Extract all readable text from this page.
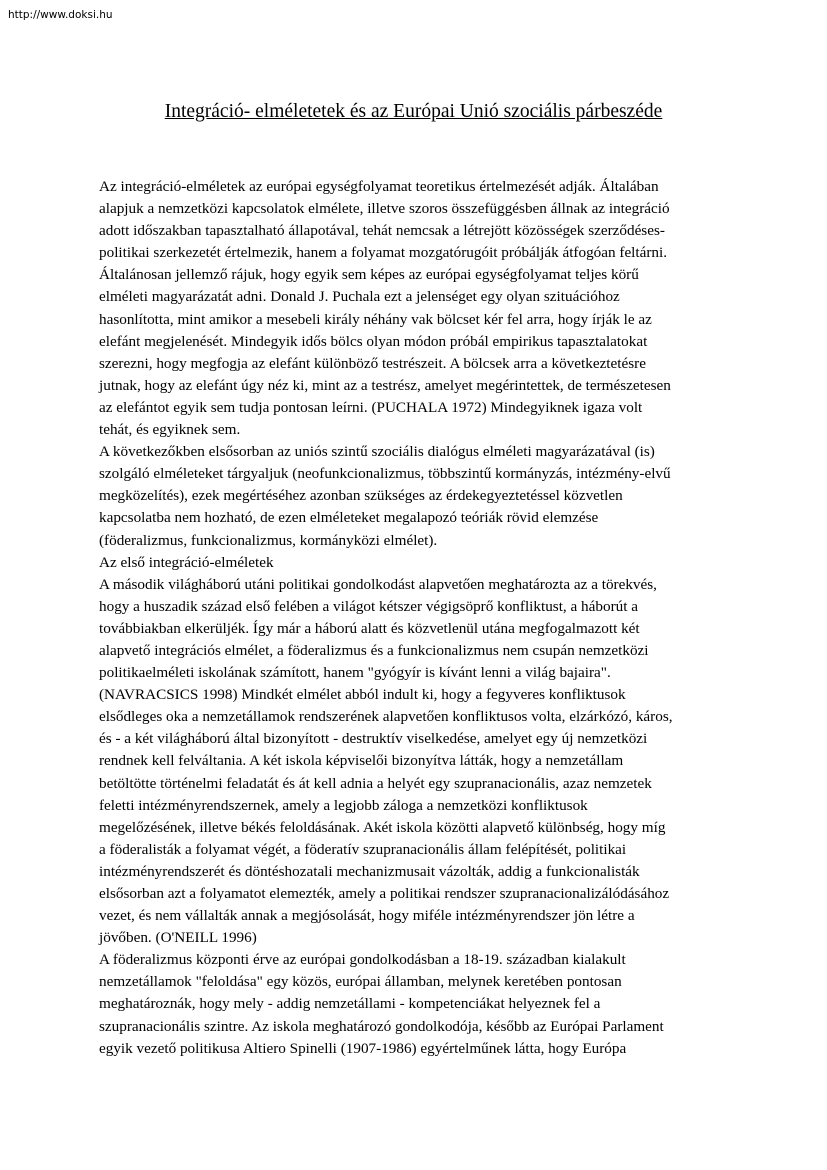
http://www.doksi.hu
Integráció- elméletetek és az Európai Unió szociális párbeszéde
Az integráció-elméletek az európai egységfolyamat teoretikus értelmezését adják. Általában
alapjuk a nemzetközi kapcsolatok elmélete, illetve szoros összefüggésben állnak az integráció
adott időszakban tapasztalható állapotával, tehát nemcsak a létrejött közösségek szerződéses-
politikai szerkezetét értelmezik, hanem a folyamat mozgatórugóit próbálják átfogóan feltárni.
Általánosan jellemző rájuk, hogy egyik sem képes az európai egységfolyamat teljes körű
elméleti magyarázatát adni. Donald J. Puchala ezt a jelenséget egy olyan szituációhoz
hasonlította, mint amikor a mesebeli király néhány vak bölcset kér fel arra, hogy írják le az
elefánt megjelenését. Mindegyik idős bölcs olyan módon próbál empirikus tapasztalatokat
szerezni, hogy megfogja az elefánt különböző testrészeit. A bölcsek arra a következtetésre
jutnak, hogy az elefánt úgy néz ki, mint az a testrész, amelyet megérintettek, de természetesen
az elefántot egyik sem tudja pontosan leírni. (PUCHALA 1972) Mindegyiknek igaza volt
tehát, és egyiknek sem.
A következőkben elsősorban az uniós szintű szociális dialógus elméleti magyarázatával (is)
szolgáló elméleteket tárgyaljuk (neofunkcionalizmus, többszintű kormányzás, intézmény-elvű
megközelítés), ezek megértéséhez azonban szükséges az érdekegyeztetéssel közvetlen
kapcsolatba nem hozható, de ezen elméleteket megalapozó teóriák rövid elemzése
(föderalizmus, funkcionalizmus, kormányközi elmélet).
Az első integráció-elméletek
A második világháború utáni politikai gondolkodást alapvetően meghatározta az a törekvés,
hogy a huszadik század első felében a világot kétszer végigsöprő konfliktust, a háborút a
továbbiakban elkerüljék. Így már a háború alatt és közvetlenül utána megfogalmazott két
alapvető integrációs elmélet, a föderalizmus és a funkcionalizmus nem csupán nemzetközi
politikaelméleti iskolának számított, hanem "gyógyír is kívánt lenni a világ bajaira".
(NAVRACSICS 1998) Mindkét elmélet abból indult ki, hogy a fegyveres konfliktusok
elsődleges oka a nemzetállamok rendszerének alapvetően konfliktusos volta, elzárkózó, káros,
és - a két világháború által bizonyított - destruktív viselkedése, amelyet egy új nemzetközi
rendnek kell felváltania. A két iskola képviselői bizonyítva látták, hogy a nemzetállam
betöltötte történelmi feladatát és át kell adnia a helyét egy szupranacionális, azaz nemzetek
feletti intézményrendszernek, amely a legjobb záloga a nemzetközi konfliktusok
megelőzésének, illetve békés feloldásának. Akét iskola közötti alapvető különbség, hogy míg
a föderalisták a folyamat végét, a föderatív szupranacionális állam felépítését, politikai
intézményrendszerét és döntéshozatali mechanizmusait vázolták, addig a funkcionalisták
elsősorban azt a folyamatot elemezték, amely a politikai rendszer szupranacionalizálódásához
vezet, és nem vállalták annak a megjósolását, hogy miféle intézményrendszer jön létre a
jövőben. (O'NEILL 1996)
A föderalizmus központi érve az európai gondolkodásban a 18-19. században kialakult
nemzetállamok "feloldása" egy közös, európai államban, melynek keretében pontosan
meghatároznák, hogy mely - addig nemzetállami - kompetenciákat helyeznek fel a
szupranacionális szintre. Az iskola meghatározó gondolkodója, később az Európai Parlament
egyik vezető politikusa Altiero Spinelli (1907-1986) egyértelműnek látta, hogy Európa
